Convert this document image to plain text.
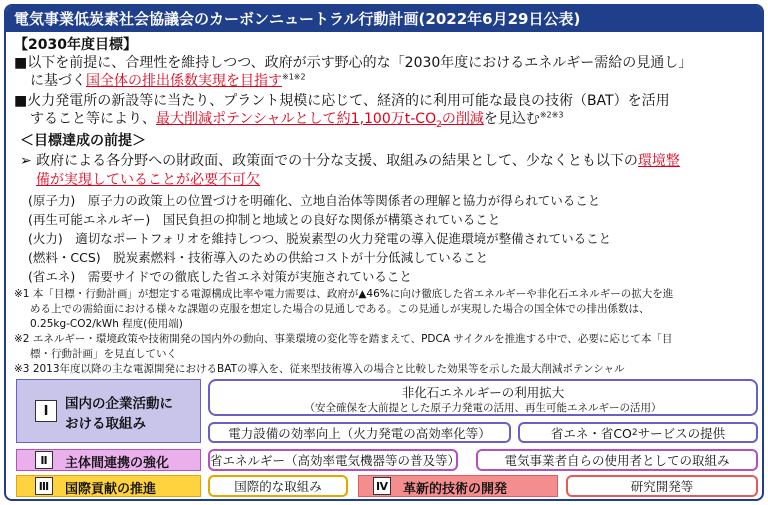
電気事業低炭素社会協議会のカーボンニュートラル行動計画(2022年6月29日公表)
【2030年度目標】
■以下を前提に、合理性を維持しつつ、政府が示す野心的な「2030年度におけるエネルギー需給の見通し」
に基づく国全体の排出係数実現を目指す$^{※1※2}$
■火力発電所の新設等に当たり、プラント規模に応じて、経済的に利用可能な最良の技術（BAT）を活用
すること等により、最大削減ポテンシャルとして約1,100万$t-CO_2$の削減を見込む$^{※2※3}$
＜目標達成の前提＞
➢ 政府による各分野への財政面、政策面での十分な支援、取組みの結果として、少なくとも以下の環境整
備が実現していることが必要不可欠
(原子力)　原子力の政策上の位置づけを明確化、立地自治体等関係者の理解と協力が得られていること
(再生可能エネルギー)　国民負担の抑制と地域との良好な関係が構築されていること
(火力)　適切なポートフォリオを維持しつつ、脱炭素型の火力発電の導入促進環境が整備されていること
(燃料・CCS)　脱炭素燃料・技術導入のための供給コストが十分低減していること
(省エネ)　需要サイドでの徹底した省エネ対策が実施されていること
※1 本「目標・行動計画」が想定する電源構成比率や電力需要は、政府が▲46%に向け徹底した省エネルギーや非化石エネルギーの拡大を進
める上での需給面における様々な課題の克服を想定した場合の見通しである。この見通しが実現した場合の国全体での排出係数は、
0.25kg-CO2/kWh 程度(使用端)
※2 エネルギー・環境政策や技術開発の国内外の動向、事業環境の変化等を踏まえて、PDCA サイクルを推進する中で、必要に応じて本「目
標・行動計画」を見直していく
※3 2013年度以降の主な電源開発におけるBATの導入を、従来型技術導入の場合と比較した効果等を示した最大削減ポテンシャル
Ⅰ	国内の企業活動に
おける取組み
非化石エネルギーの利用拡大
（安全確保を大前提とした原子力発電の活用、再生可能エネルギーの活用）
電力設備の効率向上（火力発電の高効率化等）	省エネ・省CO 2 サービスの提供
Ⅱ	主体間連携の強化	省エネルギー（高効率電気機器等の普及等）	電気事業者自らの使用者としての取組み
Ⅲ 国際貢献の推進	国際的な取組み	Ⅳ 革新的技術の開発	研究開発等
